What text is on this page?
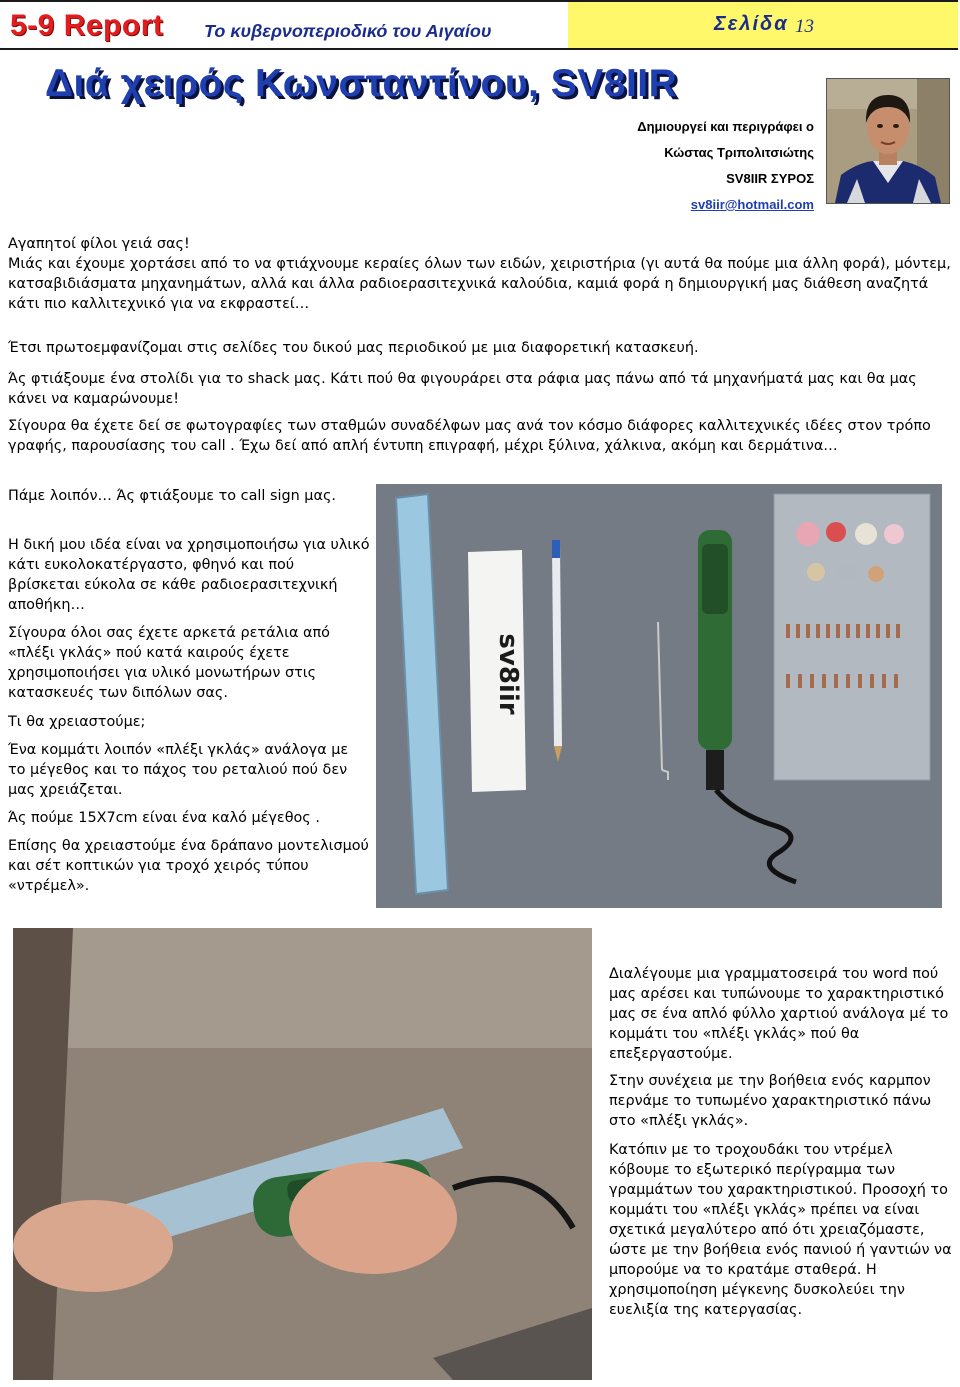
5-9 Report Το κυβερνοπεριοδικό του Αιγαίου	Σελίδα 13
Διά χειρός Κωνσταντίνου, SV8IIR
Δημιουργεί και περιγράφει ο
Κώστας Τριπολιτσιώτης
SV8IIR ΣΥΡΟΣ
sv8iir@hotmail.com

Αγαπητοί φίλοι γειά σας!

Μιάς και έχουμε χορτάσει από το να φτιάχνουμε κεραίες όλων των ειδών, χειριστήρια (γι αυτά θα πούμε μια άλλη φορά), μόντεμ, κατσαβιδιάσματα μηχανημάτων, αλλά και άλλα ραδιοερασιτεχνικά καλούδια, καμιά φορά η δημιουργική μας διάθεση αναζητά κάτι πιο καλλιτεχνικό για να εκφραστεί…

Έτσι πρωτοεμφανίζομαι στις σελίδες του δικού μας περιοδικού με μια διαφορετική κατασκευή.

Άς φτιάξουμε ένα στολίδι για το shack μας. Κάτι πού θα φιγουράρει στα ράφια μας πάνω από τά μηχανήματά μας και θα μας κάνει να καμαρώνουμε!

Σίγουρα θα έχετε δεί σε φωτογραφίες των σταθμών συναδέλφων μας ανά τον κόσμο διάφορες καλλιτεχνικές ιδέες στον τρόπο γραφής, παρουσίασης του call . Έχω δεί από απλή έντυπη επιγραφή, μέχρι ξύλινα, χάλκινα, ακόμη και δερμάτινα…

Πάμε λοιπόν… Άς φτιάξουμε το call sign μας.

Η δική μου ιδέα είναι να χρησιμοποιήσω για υλικό κάτι ευκολοκατέργαστο, φθηνό και πού βρίσκεται εύκολα σε κάθε ραδιοερασιτεχνική αποθήκη…

Σίγουρα όλοι σας έχετε αρκετά ρετάλια από «πλέξι γκλάς» πού κατά καιρούς έχετε χρησιμοποιήσει για υλικό μονωτήρων στις κατασκευές των διπόλων σας.

Τι θα χρειαστούμε;

Ένα κομμάτι λοιπόν «πλέξι γκλάς» ανάλογα με το μέγεθος και το πάχος του ρεταλιού πού δεν μας χρειάζεται.

Άς πούμε 15X7cm είναι ένα καλό μέγεθος .

Επίσης θα χρειαστούμε ένα δράπανο μοντελισμού και σέτ κοπτικών για τροχό χειρός τύπου «ντρέμελ».

Διαλέγουμε μια γραμματοσειρά του word πού μας αρέσει και τυπώνουμε το χαρακτηριστικό μας σε ένα απλό φύλλο χαρτιού ανάλογα μέ το κομμάτι του «πλέξι γκλάς» πού θα επεξεργαστούμε.

Στην συνέχεια με την βοήθεια ενός καρμπον περνάμε το τυπωμένο χαρακτηριστικό πάνω στο «πλέξι γκλάς».

Κατόπιν με το τροχουδάκι του ντρέμελ κόβουμε το εξωτερικό περίγραμμα των γραμμάτων του χαρακτηριστικού. Προσοχή το κομμάτι του «πλέξι γκλάς» πρέπει να είναι σχετικά μεγαλύτερο από ότι χρειαζόμαστε, ώστε με την βοήθεια ενός πανιού ή γαντιών να μπορούμε να το κρατάμε σταθερά. Η χρησιμοποίηση μέγκενης δυσκολεύει την ευελιξία της κατεργασίας.

sv8iir
